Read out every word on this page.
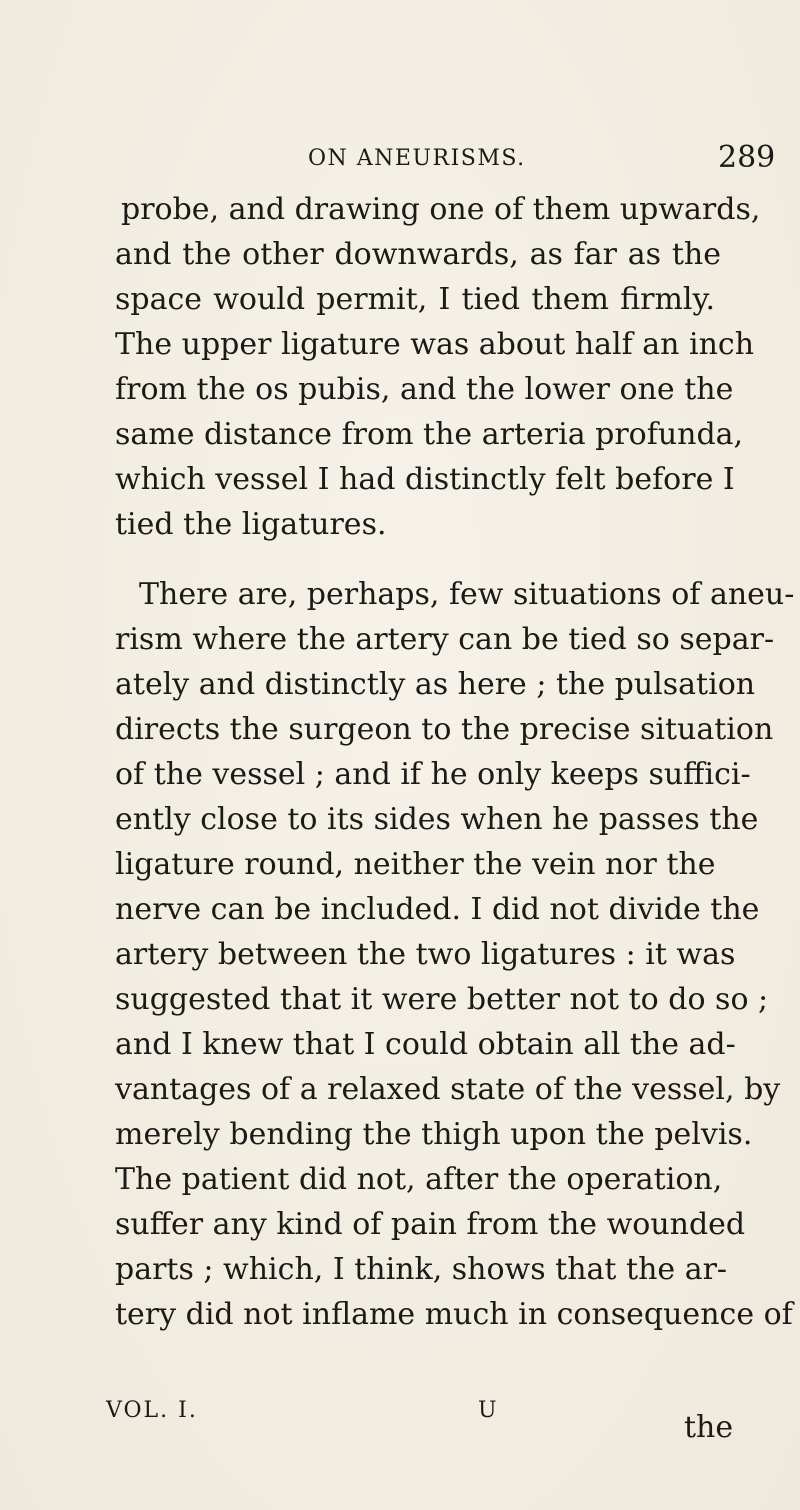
ON ANEURISMS.	289
probe, and drawing one of them upwards,
and the other downwards, as far as the
space would permit, I tied them firmly.
The upper ligature was about half an inch
from the os pubis, and the lower one the
same distance from the arteria profunda,
which vessel I had distinctly felt before I
tied the ligatures.
There are, perhaps, few situations of aneu-
rism where the artery can be tied so separ-
ately and distinctly as here ; the pulsation
directs the surgeon to the precise situation
of the vessel ; and if he only keeps suffici-
ently close to its sides when he passes the
ligature round, neither the vein nor the
nerve can be included. I did not divide the
artery between the two ligatures : it was
suggested that it were better not to do so ;
and I knew that I could obtain all the ad-
vantages of a relaxed state of the vessel, by
merely bending the thigh upon the pelvis.
The patient did not, after the operation,
suffer any kind of pain from the wounded
parts ; which, I think, shows that the ar-
tery did not inflame much in consequence of
VOL. I.	U	the
